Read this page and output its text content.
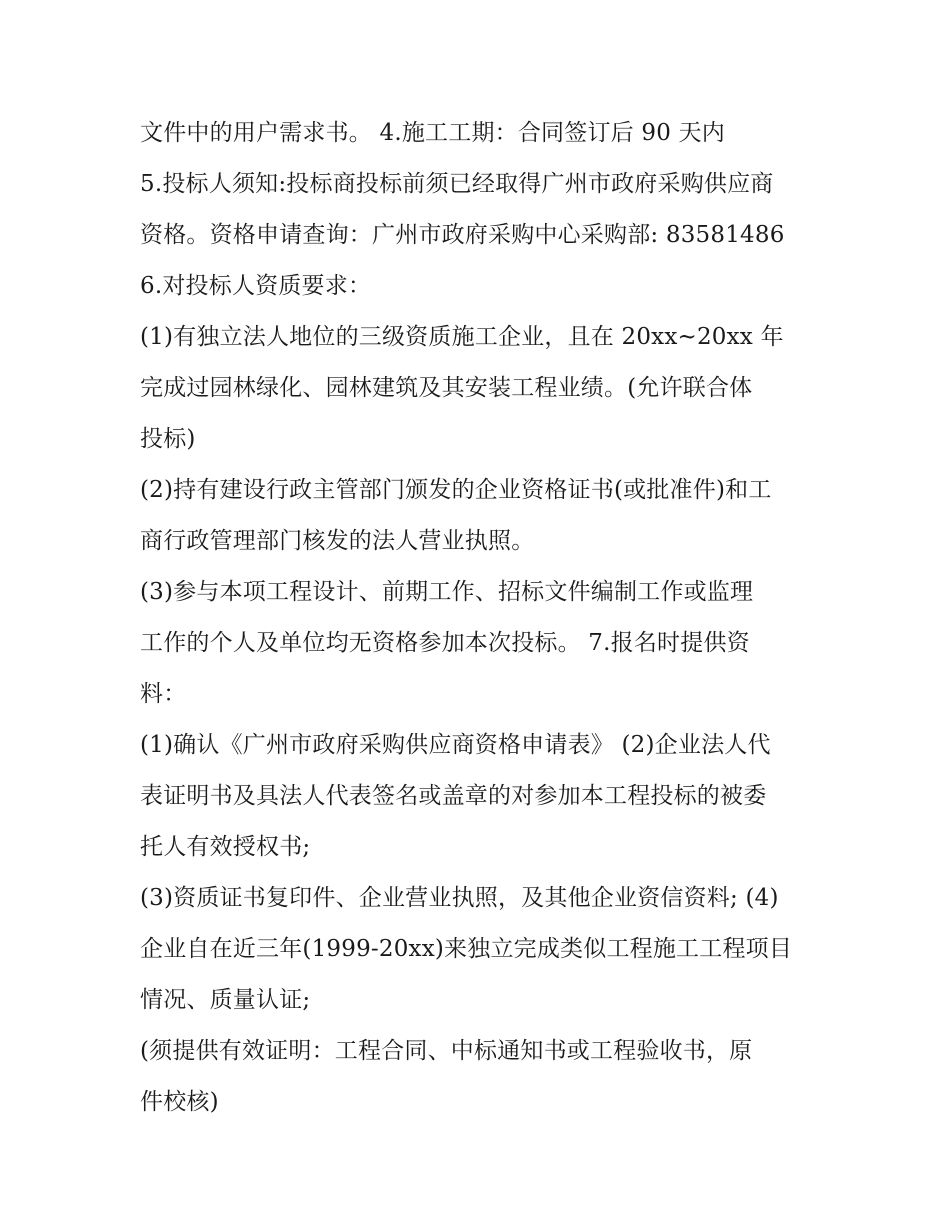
文件中的用户需求书。 4.施工工期：合同签订后 90 天内
5.投标人须知:投标商投标前须已经取得广州市政府采购供应商
资格。资格申请查询：广州市政府采购中心采购部: 83581486
6.对投标人资质要求：
(1)有独立法人地位的三级资质施工企业，且在 20xx~20xx 年
完成过园林绿化、园林建筑及其安装工程业绩。(允许联合体
投标)
(2)持有建设行政主管部门颁发的企业资格证书(或批准件)和工
商行政管理部门核发的法人营业执照。
(3)参与本项工程设计、前期工作、招标文件编制工作或监理
工作的个人及单位均无资格参加本次投标。 7.报名时提供资
料：
(1)确认《广州市政府采购供应商资格申请表》 (2)企业法人代
表证明书及具法人代表签名或盖章的对参加本工程投标的被委
托人有效授权书;
(3)资质证书复印件、企业营业执照，及其他企业资信资料; (4)
企业自在近三年(1999-20xx)来独立完成类似工程施工工程项目
情况、质量认证;
(须提供有效证明：工程合同、中标通知书或工程验收书，原
件校核)
